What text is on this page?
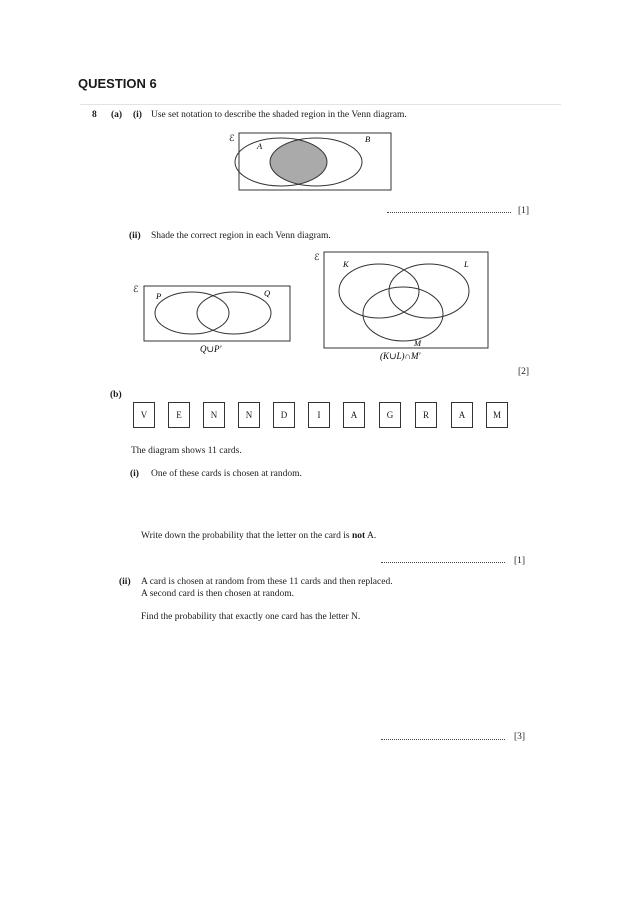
QUESTION 6
8 (a) (i) Use set notation to describe the shaded region in the Venn diagram.
ℰ
A
B
[1]
(ii) Shade the correct region in each Venn diagram.
ℰ
P	Q
Q∪P′
ℰ
K	L
M
(K∪L)∩M′
[2]
(b)
V	E	N	N	D	I	A	G	R	A	M
The diagram shows 11 cards.
(i) One of these cards is chosen at random.
Write down the probability that the letter on the card is not A.
[1]
(ii) A card is chosen at random from these 11 cards and then replaced.
A second card is then chosen at random.
Find the probability that exactly one card has the letter N.
[3]
